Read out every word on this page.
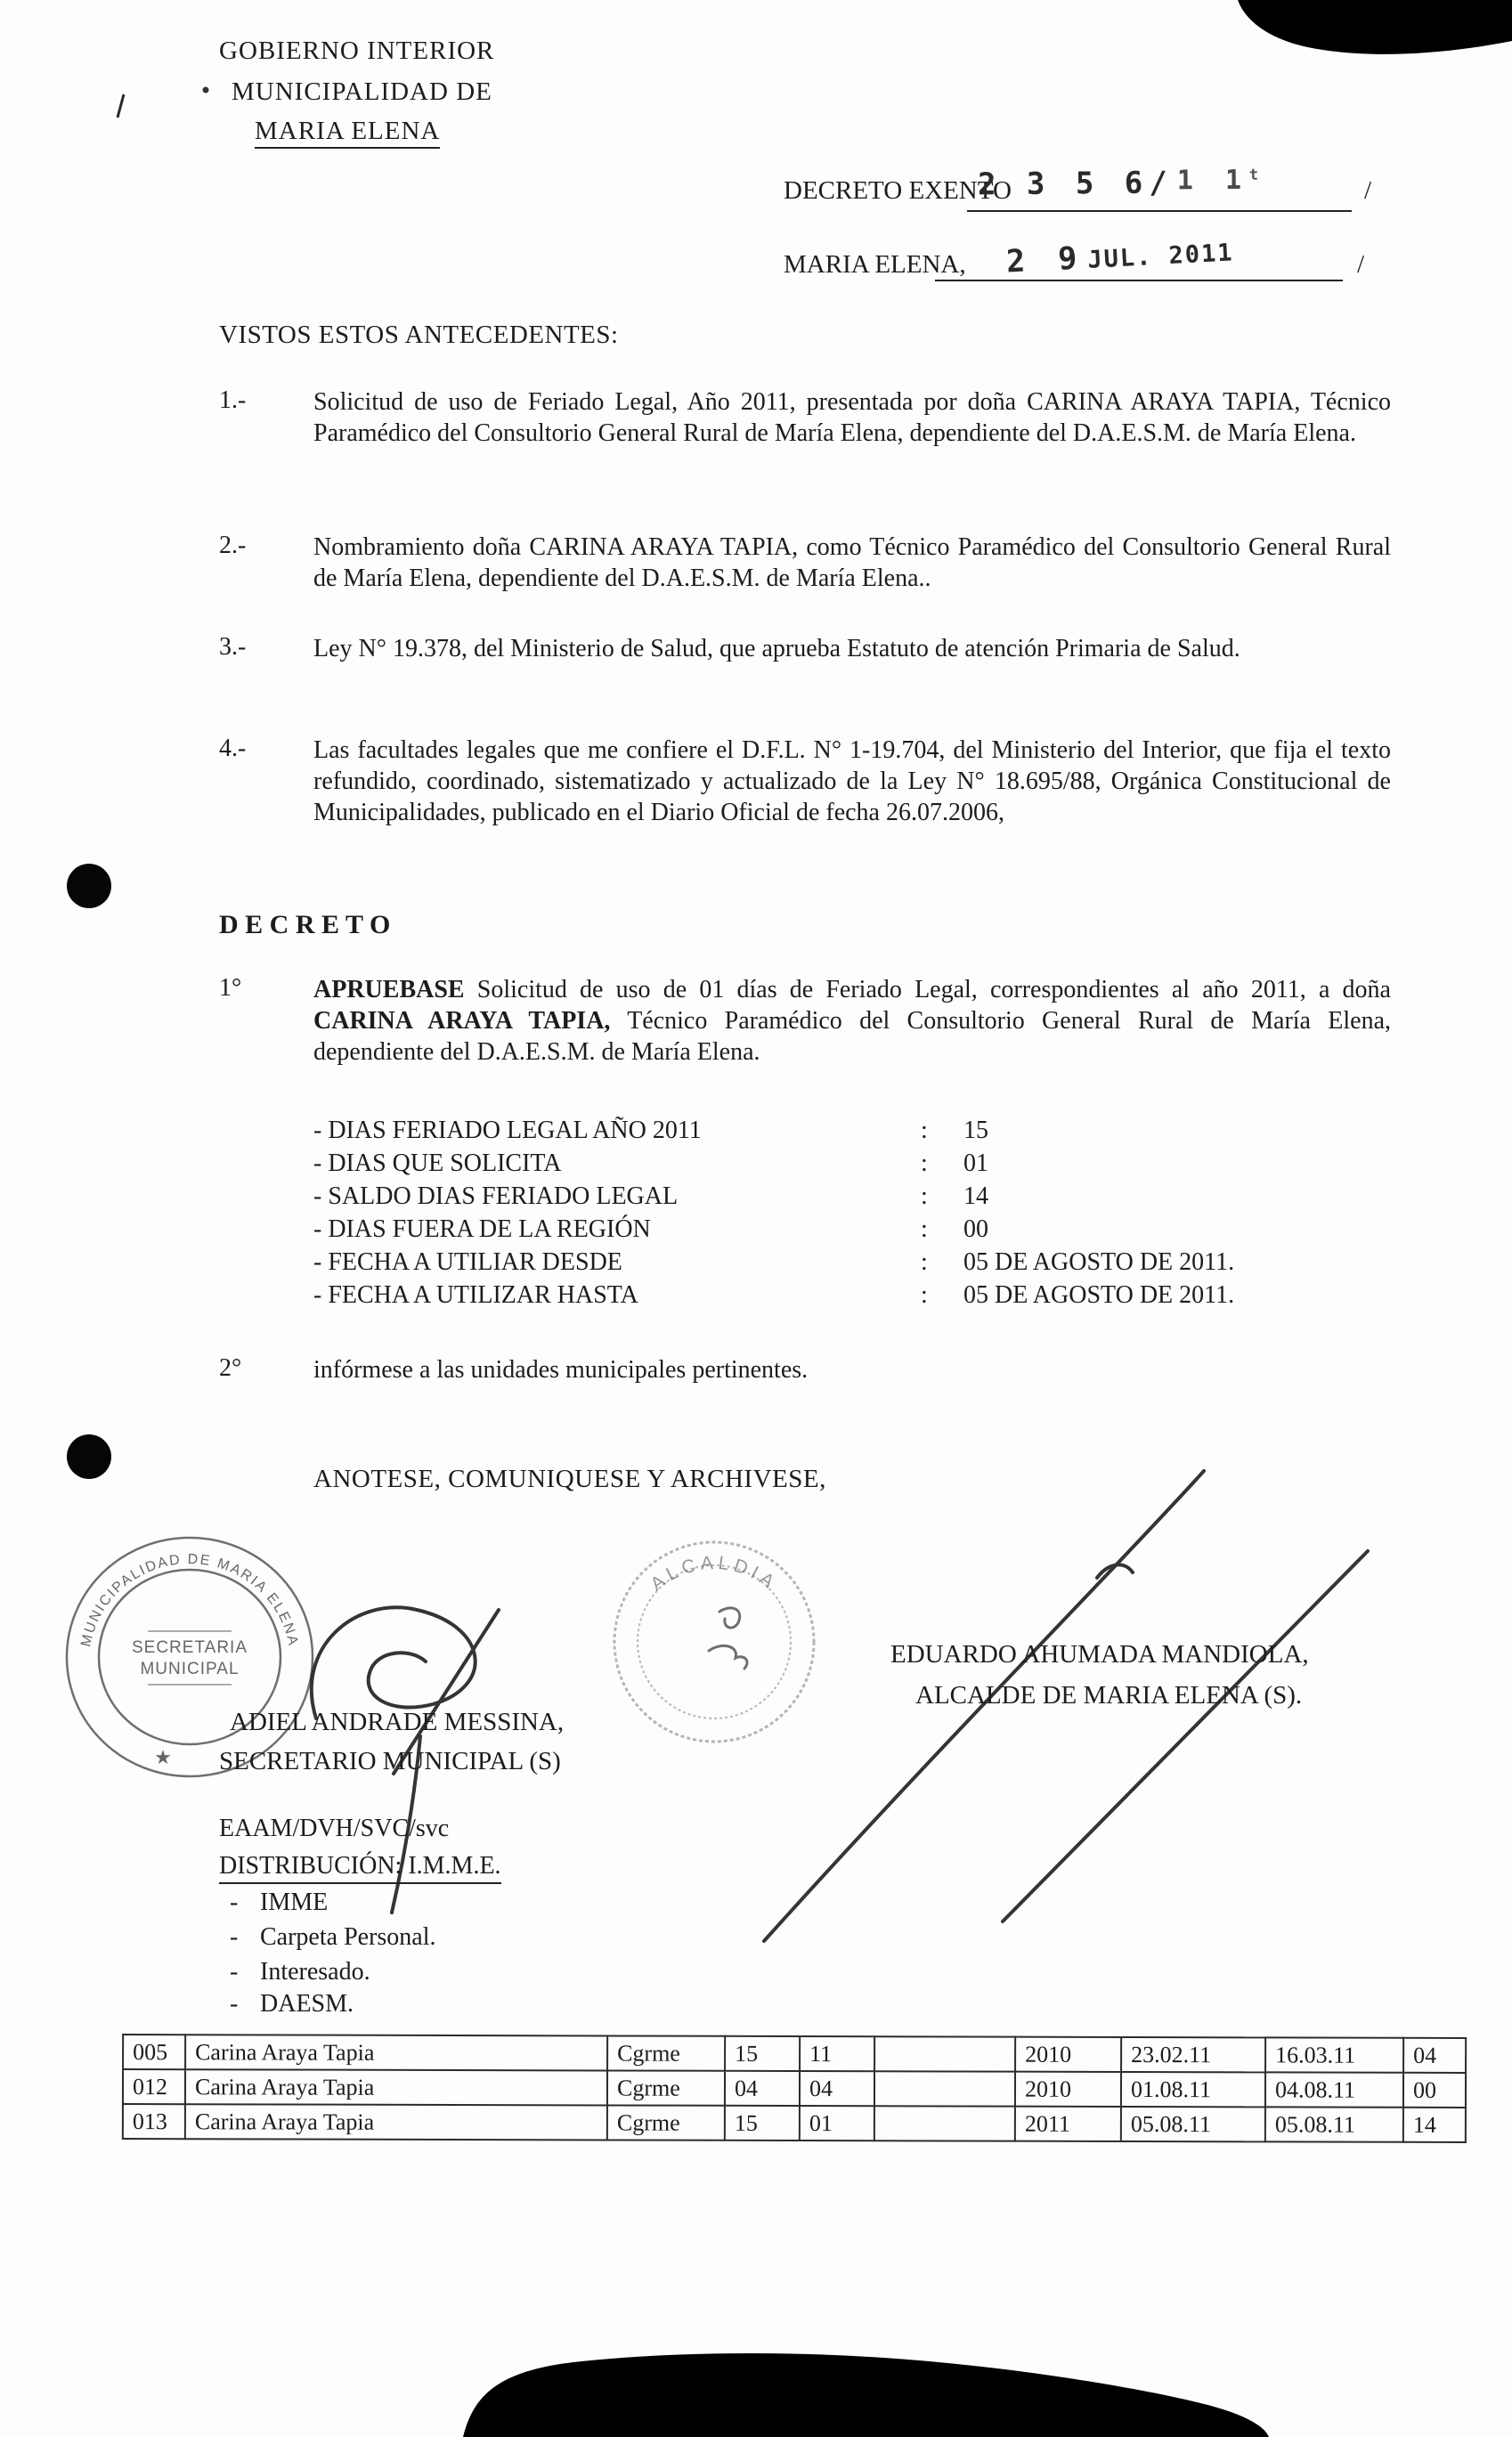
MUNICIPALIDAD DE MARIA ELENA
SECRETARIA
MUNICIPAL
★
ALCALDIA
GOBIERNO INTERIOR
MUNICIPALIDAD DE
MARIA ELENA
DECRETO EXENTO
2 3 5 6/ 1 1t
/
MARIA ELENA, 2 9 JUL. 2011	/
VISTOS ESTOS ANTECEDENTES:
1.-	Solicitud de uso de Feriado Legal, Año 2011, presentada por doña CARINA ARAYA TAPIA, Técnico Paramédico del Consultorio General Rural de María Elena, dependiente del D.A.E.S.M. de María Elena.

2.-	Nombramiento doña CARINA ARAYA TAPIA, como Técnico Paramédico del Consultorio General Rural de María Elena, dependiente del D.A.E.S.M. de María Elena..

3.-	Ley N° 19.378, del Ministerio de Salud, que aprueba Estatuto de atención Primaria de Salud.

4.-	Las facultades legales que me confiere el D.F.L. N° 1-19.704, del Ministerio del Interior, que fija el texto refundido, coordinado, sistematizado y actualizado de la Ley N° 18.695/88, Orgánica Constitucional de Municipalidades, publicado en el Diario Oficial de fecha 26.07.2006,

D E C R E T O
1°	APRUEBASE Solicitud de uso de 01 días de Feriado Legal, correspondientes al año 2011, a doña CARINA ARAYA TAPIA, Técnico Paramédico del Consultorio General Rural de María Elena, dependiente del D.A.E.S.M. de María Elena.

- DIAS FERIADO LEGAL AÑO 2011	: 15
- DIAS QUE SOLICITA	: 01
- SALDO DIAS FERIADO LEGAL	: 14
- DIAS FUERA DE LA REGIÓN	: 00
- FECHA A UTILIAR DESDE	: 05 DE AGOSTO DE 2011.
- FECHA A UTILIZAR HASTA	: 05 DE AGOSTO DE 2011.
2°	infórmese a las unidades municipales pertinentes.

ANOTESE, COMUNIQUESE Y ARCHIVESE,
EDUARDO AHUMADA MANDIOLA,
ALCALDE DE MARIA ELENA (S).
ADIEL ANDRADE MESSINA,
SECRETARIO MUNICIPAL (S)
EAAM/DVH/SVC/svc
DISTRIBUCIÓN: I.M.M.E.
- IMME
- Carpeta Personal.
- Interesado.
- DAESM.
005	Carina Araya Tapia	Cgrme	15	11		2010	23.02.11	16.03.11	04
012	Carina Araya Tapia	Cgrme	04	04		2010	01.08.11	04.08.11	00
013	Carina Araya Tapia	Cgrme	15	01		2011	05.08.11	05.08.11	14
